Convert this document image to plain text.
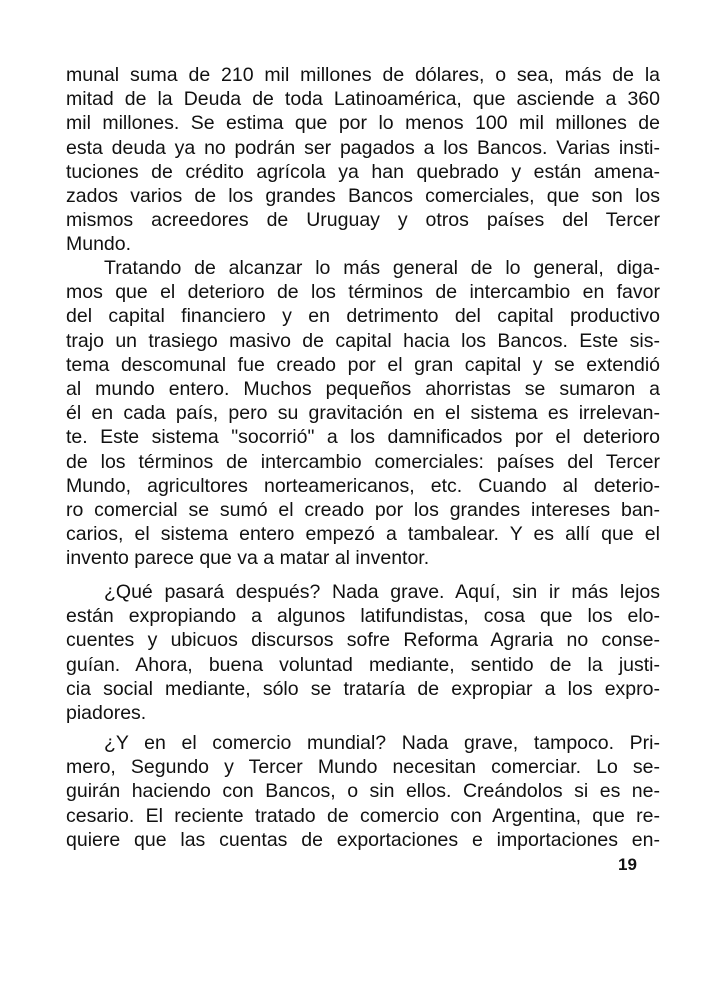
munal suma de 210 mil millones de dólares, o sea, más de la
mitad de la Deuda de toda Latinoamérica, que asciende a 360
mil millones. Se estima que por lo menos 100 mil millones de
esta deuda ya no podrán ser pagados a los Bancos. Varias insti-
tuciones de crédito agrícola ya han quebrado y están amena-
zados varios de los grandes Bancos comerciales, que son los
mismos acreedores de Uruguay y otros países del Tercer
Mundo.
Tratando de alcanzar lo más general de lo general, diga-
mos que el deterioro de los términos de intercambio en favor
del capital financiero y en detrimento del capital productivo
trajo un trasiego masivo de capital hacia los Bancos. Este sis-
tema descomunal fue creado por el gran capital y se extendió
al mundo entero. Muchos pequeños ahorristas se sumaron a
él en cada país, pero su gravitación en el sistema es irrelevan-
te. Este sistema "socorrió" a los damnificados por el deterioro
de los términos de intercambio comerciales: países del Tercer
Mundo, agricultores norteamericanos, etc. Cuando al deterio-
ro comercial se sumó el creado por los grandes intereses ban-
carios, el sistema entero empezó a tambalear. Y es allí que el
invento parece que va a matar al inventor.
¿Qué pasará después? Nada grave. Aquí, sin ir más lejos
están expropiando a algunos latifundistas, cosa que los elo-
cuentes y ubicuos discursos sofre Reforma Agraria no conse-
guían. Ahora, buena voluntad mediante, sentido de la justi-
cia social mediante, sólo se trataría de expropiar a los expro-
piadores.
¿Y en el comercio mundial? Nada grave, tampoco. Pri-
mero, Segundo y Tercer Mundo necesitan comerciar. Lo se-
guirán haciendo con Bancos, o sin ellos. Creándolos si es ne-
cesario. El reciente tratado de comercio con Argentina, que re-
quiere que las cuentas de exportaciones e importaciones en-
19
